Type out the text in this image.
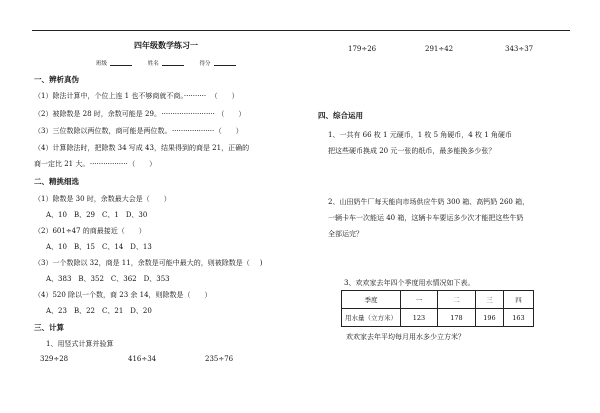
四年级数学练习一
班级	姓名	得分
一、辨析真伪
（1）除法计算中，个位上连 1 也不够商就不商。·········· （　　）
（2）被除数是 28 时，余数可能是 29。 ························ （　　）
（3）三位数除以两位数，商可能是两位数。 ··················· （　　）
（4）计算除法时，把除数 34 写成 43，结果得到的商是 21，正确的
商一定比 21 大。 ················· （　　）
二、精挑细选
（1）除数是 30 时，余数最大会是（　　）
A、10　B、29　C、1　D、30
（2）601÷47 的商最接近（　　）
A、10　B、15　C、14　D、13
（3）一个数除以 32，商是 11，余数是可能中最大的，则被除数是（ )
A、383　B、352　C、362　D、353
（4）520 除以一个数，商 23 余 14，则除数是（　　）
A、23　B、22　C、21　D、20
三、计算
1、用竖式计算并验算
329÷28	416÷34	235÷76
179÷26	291÷42	343÷37
四、综合运用
1、一共有 66 枚 1 元硬币，1 枚 5 角硬币，4 枚 1 角硬币
把这些硬币换成 20 元一张的纸币，最多能换多少张？
2、山田奶牛厂每天能向市场供应牛奶 300 箱、高钙奶 260 箱，
一辆卡车一次能运 40 箱，这辆卡车要运多少次才能把这些牛奶
全部运完？
3、欢欢家去年四个季度用水情况如下表。
季度	一	二	三	四
用水量（立方米）	123	178	196	163
欢欢家去年平均每月用水多少立方米？
